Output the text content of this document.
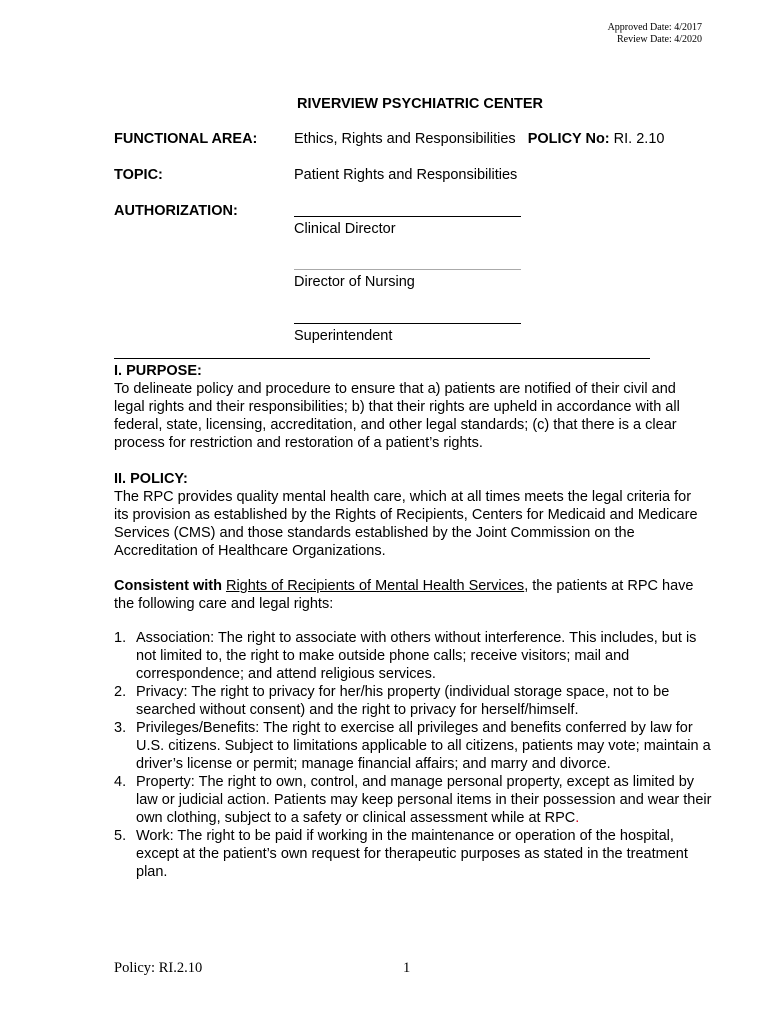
Approved Date: 4/2017
Review Date: 4/2020
RIVERVIEW PSYCHIATRIC CENTER
FUNCTIONAL AREA:	Ethics, Rights and Responsibilities POLICY No: RI. 2.10
TOPIC:	Patient Rights and Responsibilities
AUTHORIZATION:
Clinical Director
Director of Nursing
Superintendent
I. PURPOSE:
To delineate policy and procedure to ensure that a) patients are notified of their civil and legal rights and their responsibilities; b) that their rights are upheld in accordance with all federal, state, licensing, accreditation, and other legal standards; (c) that there is a clear process for restriction and restoration of a patient’s rights.
II. POLICY:
The RPC provides quality mental health care, which at all times meets the legal criteria for its provision as established by the Rights of Recipients, Centers for Medicaid and Medicare Services (CMS) and those standards established by the Joint Commission on the Accreditation of Healthcare Organizations.
Consistent with Rights of Recipients of Mental Health Services, the patients at RPC have the following care and legal rights:
1. Association: The right to associate with others without interference. This includes, but is not limited to, the right to make outside phone calls; receive visitors; mail and correspondence; and attend religious services.
2. Privacy: The right to privacy for her/his property (individual storage space, not to be searched without consent) and the right to privacy for herself/himself.
3. Privileges/Benefits: The right to exercise all privileges and benefits conferred by law for U.S. citizens. Subject to limitations applicable to all citizens, patients may vote; maintain a driver’s license or permit; manage financial affairs; and marry and divorce.
4. Property: The right to own, control, and manage personal property, except as limited by law or judicial action. Patients may keep personal items in their possession and wear their own clothing, subject to a safety or clinical assessment while at RPC.
5. Work: The right to be paid if working in the maintenance or operation of the hospital, except at the patient’s own request for therapeutic purposes as stated in the treatment plan.
Policy: RI.2.10	1
